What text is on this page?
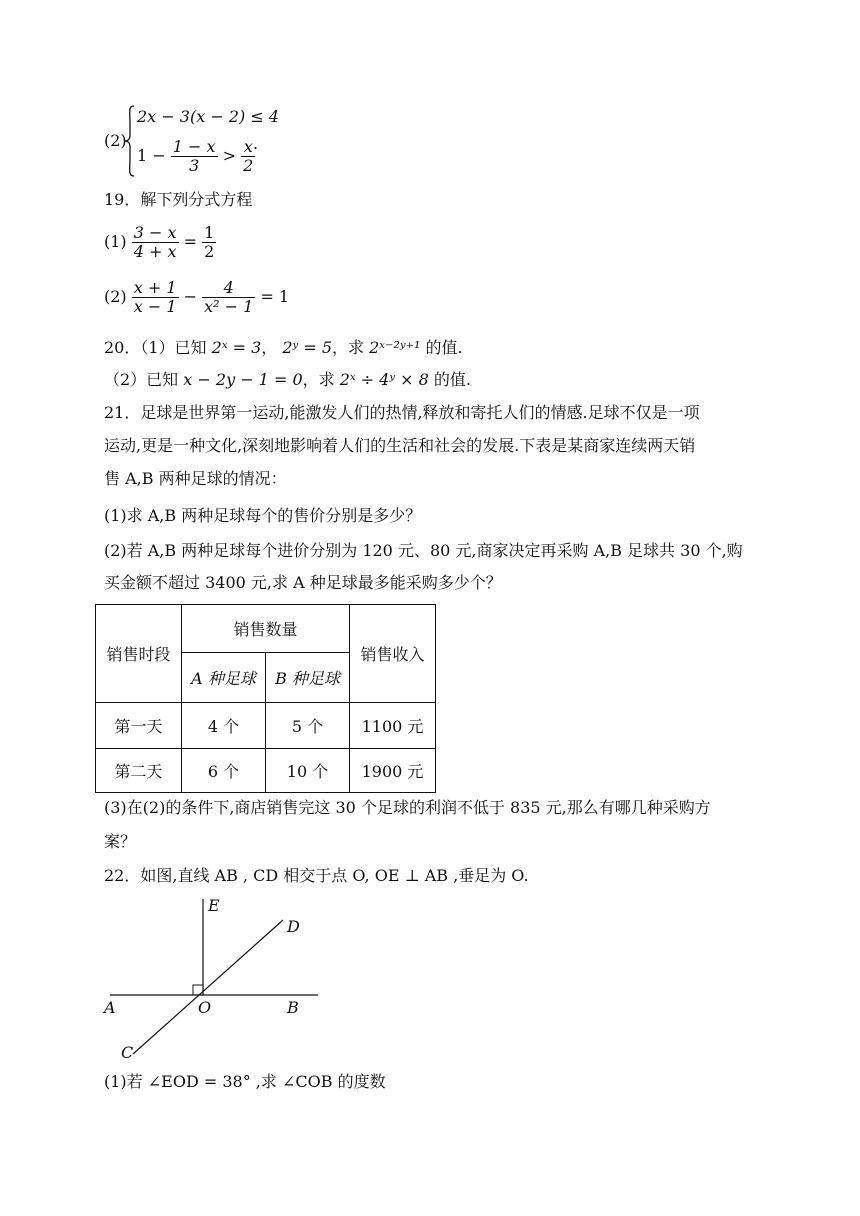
(2)
2x − 3(x − 2) ≤ 4
$1 - \frac{1 - x}{3} > \frac{x}{2}$
.
19．解下列分式方程
$(1) \frac{3 - x}{4 + x} = \frac{1}{2}$
$(2) \frac{x + 1}{x - 1} - \frac{4}{\text{x² − 1}} = 1$
20．（1）已知 2ˣ = 3， 2ʸ = 5，求 2ˣ⁻²ʸ⁺¹ 的值.
（2）已知 x − 2y − 1 = 0，求 2ˣ ÷ 4ʸ × 8 的值.
21．足球是世界第一运动,能激发人们的热情,释放和寄托人们的情感.足球不仅是一项
运动,更是一种文化,深刻地影响着人们的生活和社会的发展.下表是某商家连续两天销
售 A,B 两种足球的情况：
(1)求 A,B 两种足球每个的售价分别是多少？
(2)若 A,B 两种足球每个进价分别为 120 元、80 元,商家决定再采购 A,B 足球共 30 个,购
买金额不超过 3400 元,求 A 种足球最多能采购多少个？
销售时段	销售数量		销售收入
	A 种足球	B 种足球	
第一天	4 个	5 个	1100 元
第二天	6 个	10 个	1900 元
(3)在(2)的条件下,商店销售完这 30 个足球的利润不低于 835 元,那么有哪几种采购方
案？
22．如图,直线 AB , CD 相交于点 O, OE ⊥ AB ,垂足为 O.
E
D
A	O	B
C
(1)若 ∠EOD = 38° ,求 ∠COB 的度数
